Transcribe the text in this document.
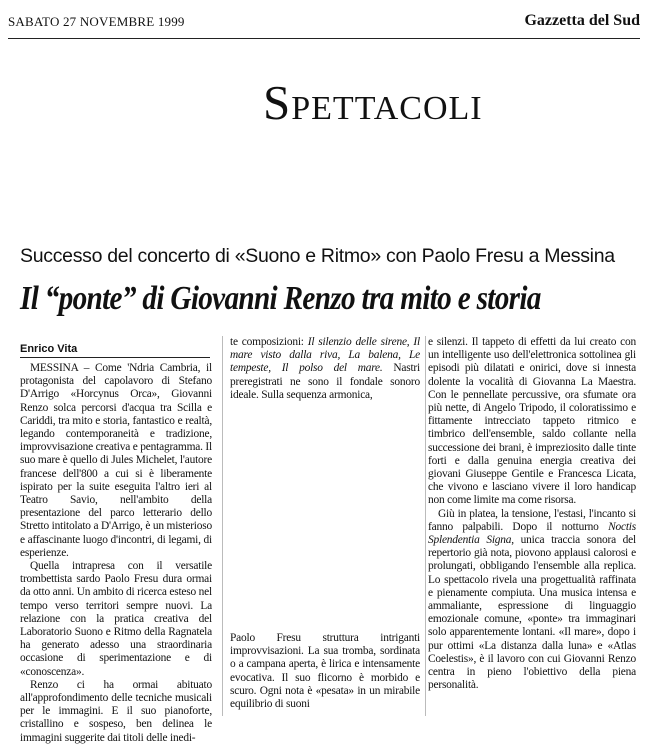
SABATO 27 NOVEMBRE 1999	Gazzetta del Sud
Spettacoli
Successo del concerto di «Suono e Ritmo» con Paolo Fresu a Messina
Il “ponte” di Giovanni Renzo tra mito e storia
Enrico Vita

MESSINA – Come 'Ndria Cambria, il protagonista del capolavoro di Stefano D'Arrigo «Horcynus Orca», Giovanni Renzo solca percorsi d'acqua tra Scilla e Cariddi, tra mito e storia, fantastico e realtà, legando contemporaneità e tradizione, improvvisazione creativa e pentagramma. Il suo mare è quello di Jules Michelet, l'autore francese dell'800 a cui si è liberamente ispirato per la suite eseguita l'altro ieri al Teatro Savio, nell'ambito della presentazione del parco letterario dello Stretto intitolato a D'Arrigo, è un misterioso e affascinante luogo d'incontri, di legami, di esperienze.

Quella intrapresa con il versatile trombettista sardo Paolo Fresu dura ormai da otto anni. Un ambito di ricerca esteso nel tempo verso territori sempre nuovi. La relazione con la pratica creativa del Laboratorio Suono e Ritmo della Ragnatela ha generato adesso una straordinaria occasione di sperimentazione e di «conoscenza».

Renzo ci ha ormai abituato all'approfondimento delle tecniche musicali per le immagini. E il suo pianoforte, cristallino e sospeso, ben delinea le immagini suggerite dai titoli delle inedi-

te composizioni: Il silenzio delle sirene, Il mare visto dalla riva, La balena, Le tempeste, Il polso del mare. Nastri preregistrati ne sono il fondale sonoro ideale. Sulla sequenza armonica,

Paolo Fresu struttura intriganti improvvisazioni. La sua tromba, sordinata o a campana aperta, è lirica e intensamente evocativa. Il suo flicorno è morbido e scuro. Ogni nota è «pesata» in un mirabile equilibrio di suoni

e silenzi. Il tappeto di effetti da lui creato con un intelligente uso dell'elettronica sottolinea gli episodi più dilatati e onirici, dove si innesta dolente la vocalità di Giovanna La Maestra. Con le pennellate percussive, ora sfumate ora più nette, di Angelo Tripodo, il coloratissimo e fittamente intrecciato tappeto ritmico e timbrico dell'ensemble, saldo collante nella successione dei brani, è impreziosito dalle tinte forti e dalla genuina energia creativa dei giovani Giuseppe Gentile e Francesca Licata, che vivono e lasciano vivere il loro handicap non come limite ma come risorsa.

Giù in platea, la tensione, l'estasi, l'incanto si fanno palpabili. Dopo il notturno Noctis Splendentia Signa, unica traccia sonora del repertorio già nota, piovono applausi calorosi e prolungati, obbligando l'ensemble alla replica. Lo spettacolo rivela una progettualità raffinata e pienamente compiuta. Una musica intensa e ammaliante, espressione di linguaggio emozionale comune, «ponte» tra immaginari solo apparentemente lontani. «Il mare», dopo i pur ottimi «La distanza dalla luna» e «Atlas Coelestis», è il lavoro con cui Giovanni Renzo centra in pieno l'obiettivo della piena personalità.
